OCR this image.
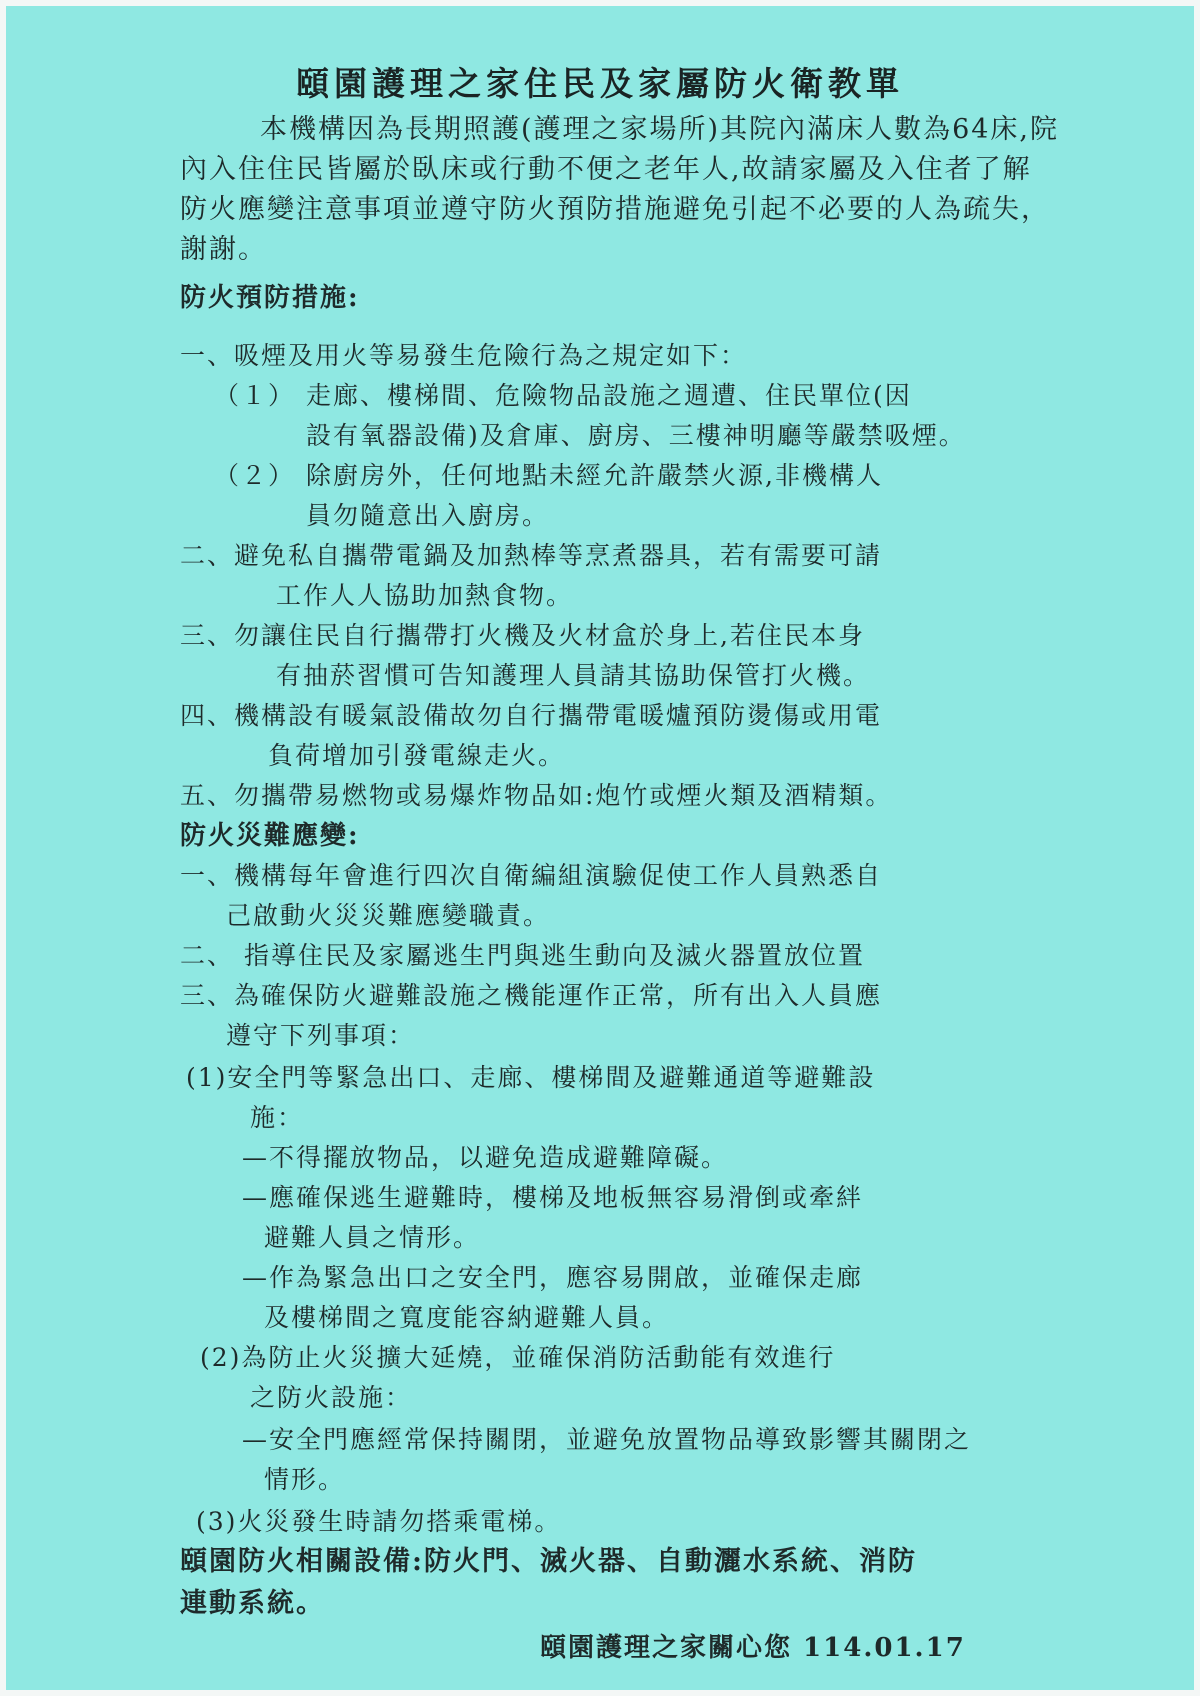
頤園護理之家住民及家屬防火衛教單

本機構因為長期照護(護理之家場所)其院內滿床人數為64床,院內入住住民皆屬於臥床或行動不便之老年人,故請家屬及入住者了解防火應變注意事項並遵守防火預防措施避免引起不必要的人為疏失， 謝謝。

防火預防措施:
一、吸煙及用火等易發生危險行為之規定如下：
（１） 走廊、樓梯間、危險物品設施之週遭、住民單位(因
設有氧器設備)及倉庫、廚房、三樓神明廳等嚴禁吸煙。
（２） 除廚房外，任何地點未經允許嚴禁火源,非機構人
員勿隨意出入廚房。
二、避免私自攜帶電鍋及加熱棒等烹煮器具，若有需要可請
工作人人協助加熱食物。
三、勿讓住民自行攜帶打火機及火材盒於身上,若住民本身
有抽菸習慣可告知護理人員請其協助保管打火機。
四、機構設有暖氣設備故勿自行攜帶電暖爐預防燙傷或用電
負荷增加引發電線走火。
五、勿攜帶易燃物或易爆炸物品如:炮竹或煙火類及酒精類。
防火災難應變:
一、機構每年會進行四次自衛編組演驗促使工作人員熟悉自
己啟動火災災難應變職責。
二、 指導住民及家屬逃生門與逃生動向及滅火器置放位置
三、為確保防火避難設施之機能運作正常，所有出入人員應
遵守下列事項：
(1)安全門等緊急出口、走廊、樓梯間及避難通道等避難設
施：
—不得擺放物品，以避免造成避難障礙。
—應確保逃生避難時，樓梯及地板無容易滑倒或牽絆
避難人員之情形。
—作為緊急出口之安全門，應容易開啟，並確保走廊
及樓梯間之寬度能容納避難人員。
(2)為防止火災擴大延燒，並確保消防活動能有效進行
之防火設施：
—安全門應經常保持關閉，並避免放置物品導致影響其關閉之
情形。
(3)火災發生時請勿搭乘電梯。
頤園防火相關設備:防火門、滅火器、自動灑水系統、消防
連動系統。
頤園護理之家關心您 114.01.17
